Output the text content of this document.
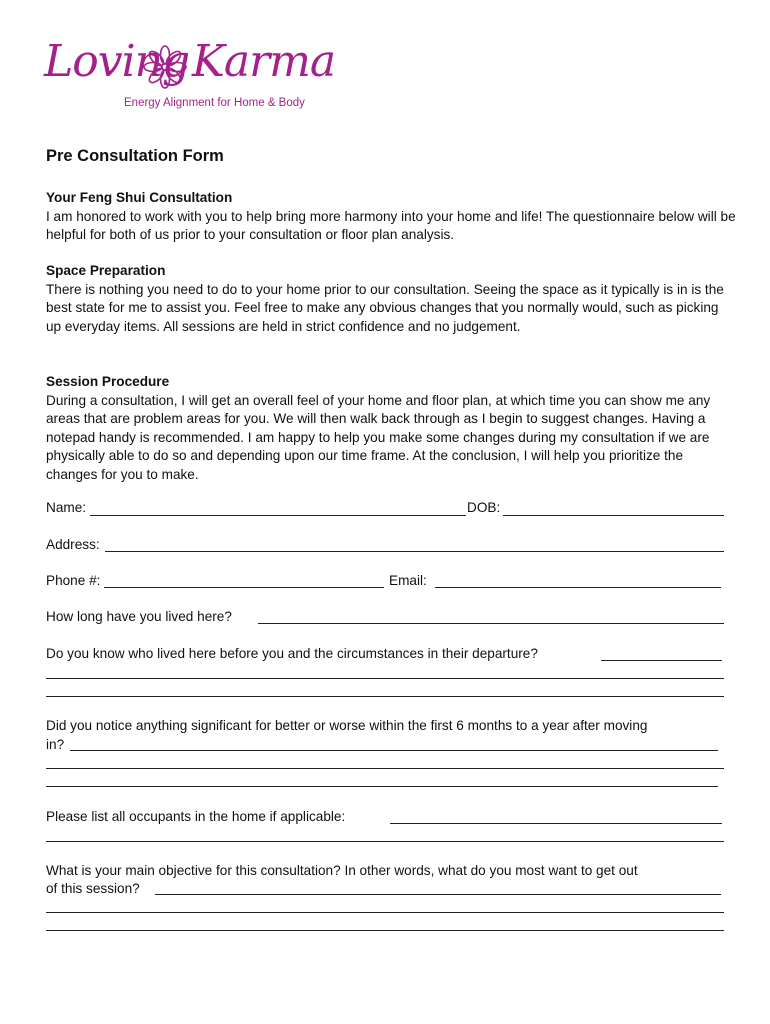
Loving Karma
Energy Alignment for Home & Body
Pre Consultation Form
Your Feng Shui Consultation

I am honored to work with you to help bring more harmony into your home and life! The questionnaire below will be helpful for both of us prior to your consultation or floor plan analysis.

Space Preparation

There is nothing you need to do to your home prior to our consultation. Seeing the space as it typically is in is the best state for me to assist you. Feel free to make any obvious changes that you normally would, such as picking up everyday items. All sessions are held in strict confidence and no judgement.

Session Procedure

During a consultation, I will get an overall feel of your home and floor plan, at which time you can show me any areas that are problem areas for you. We will then walk back through as I begin to suggest changes. Having a notepad handy is recommended. I am happy to help you make some changes during my consultation if we are physically able to do so and depending upon our time frame. At the conclusion, I will help you prioritize the changes for you to make.

Name:	DOB:
Address:
Phone #:	Email:
How long have you lived here?
Do you know who lived here before you and the circumstances in their departure?
Did you notice anything significant for better or worse within the first 6 months to a year after moving
in?
Please list all occupants in the home if applicable:
What is your main objective for this consultation? In other words, what do you most want to get out
of this session?
